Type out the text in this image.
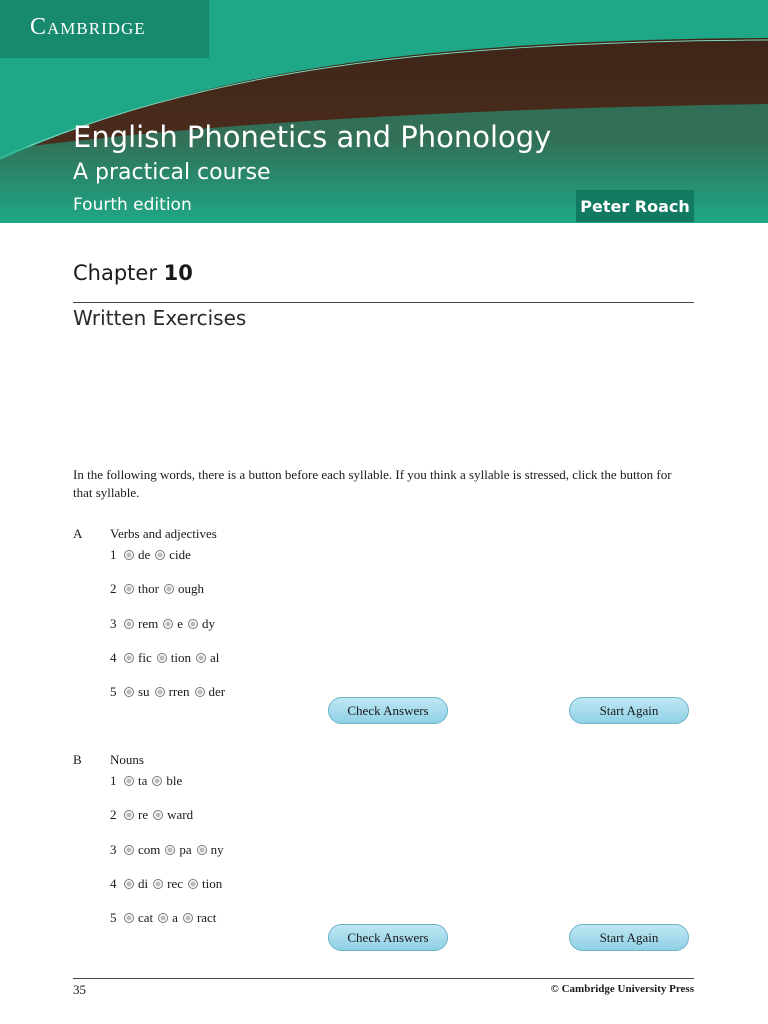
Cambridge
English Phonetics and Phonology
A practical course
Fourth edition	Peter Roach
Chapter 10
Written Exercises
In the following words, there is a button before each syllable. If you think a syllable is stressed, click the button for that syllable.
A Verbs and adjectives
1	de cide
2	thor ough
3	rem e dy
4	fic tion al
5	su rren der
Check Answers	Start Again
B Nouns
1	ta ble
2	re ward
3	com pa ny
4	di rec tion
5	cat a ract
Check Answers	Start Again
35	© Cambridge University Press
